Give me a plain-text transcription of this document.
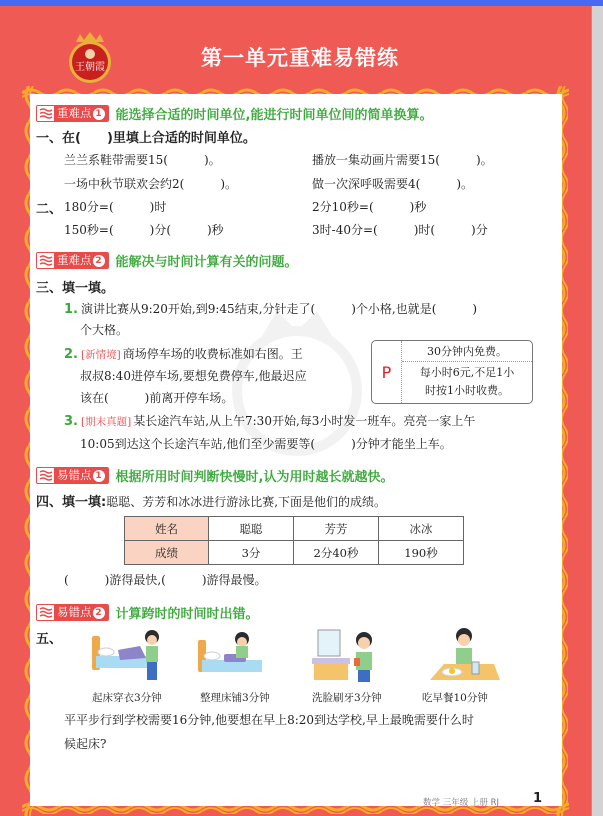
王朝霞	第一单元重难易错练
重难点 1	能选择合适的时间单位,能进行时间单位间的简单换算。
一、在(　　)里填上合适的时间单位。
兰兰系鞋带需要15(　　　)。	播放一集动画片需要15(　　　)。
一场中秋节联欢会约2(　　　)。	做一次深呼吸需要4(　　　)。
二、 180分=(　　　)时	2分10秒=(　　　)秒
150秒=(　　　)分(　　　)秒	3时-40分=(　　　)时(　　　)分
重难点 2	能解决与时间计算有关的问题。
三、填一填。
1. 演讲比赛从9:20开始,到9:45结束,分针走了(　　　)个小格,也就是(　　　)
个大格。
2. [新情境] 商场停车场的收费标准如右图。王
叔叔8:40进停车场,要想免费停车,他最迟应
该在(　　　)前离开停车场。
P
30分钟内免费。
每小时6元,不足1小
时按1小时收费。
3. [期末真题] 某长途汽车站,从上午7:30开始,每3小时发一班车。亮亮一家上午
10:05到达这个长途汽车站,他们至少需要等(　　　)分钟才能坐上车。
易错点 1	根据所用时间判断快慢时,认为用时越长就越快。
四、填一填:聪聪、芳芳和冰冰进行游泳比赛,下面是他们的成绩。
姓名	聪聪	芳芳	冰冰
成绩	3分	2分40秒	190秒
(　　　)游得最快,(　　　)游得最慢。
易错点 2	计算跨时的时间时出错。
五、
起床穿衣3分钟	整理床铺3分钟	洗脸刷牙3分钟	吃早餐10分钟
平平步行到学校需要16分钟,他要想在早上8:20到达学校,早上最晚需要什么时
候起床?
数学 三年级 上册 RJ	1
